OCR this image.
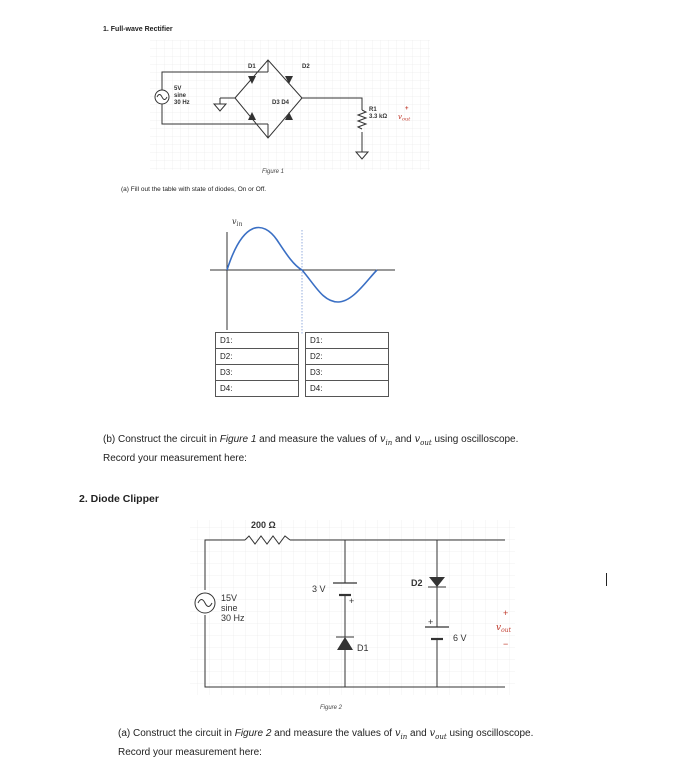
1. Full-wave Rectifier
5V
sine
30 Hz
D1	D2
D3 D4
R1
3.3 kΩ
+
$v_{out}$
Figure 1
(a) Fill out the table with state of diodes, On or Off.
$v_{in}$
D1:
D2:
D3:
D4:
D1:
D2:
D3:
D4:
(b) Construct the circuit in Figure 1 and measure the values of $v_{in}$ and $v_{out}$ using oscilloscope.
Record your measurement here:
2. Diode Clipper
200 Ω
15V
sine
30 Hz
3 V
+
D1
D2
+
6 V
+
$v_{out}$
−
Figure 2
(a) Construct the circuit in Figure 2 and measure the values of $v_{in}$ and $v_{out}$ using oscilloscope.
Record your measurement here:
